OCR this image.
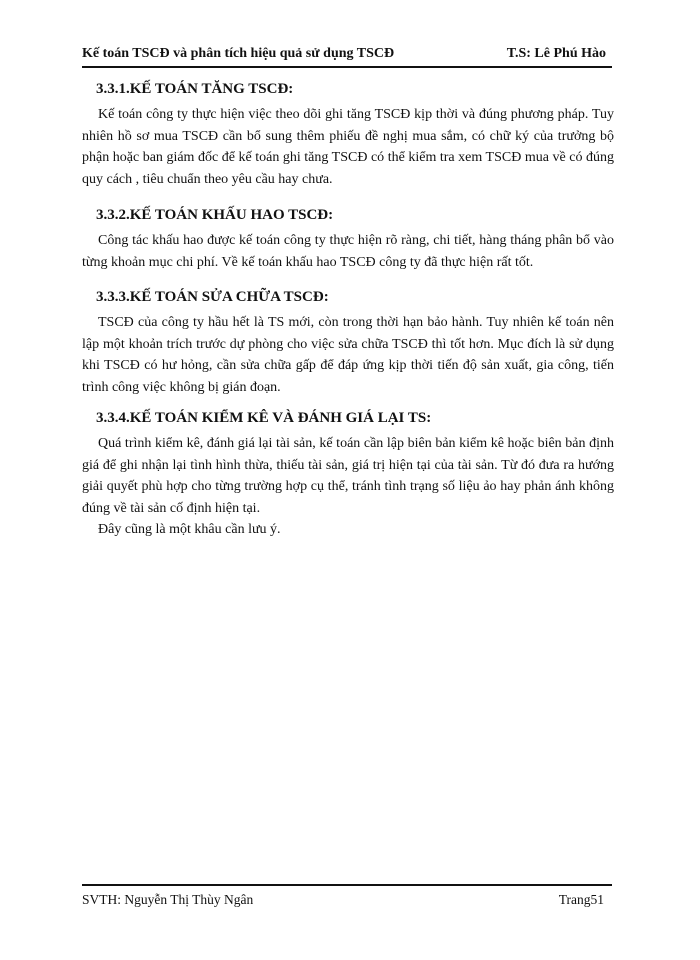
Kế toán TSCĐ và phân tích hiệu quả sử dụng TSCĐ	T.S: Lê Phú Hào
3.3.1.KẾ TOÁN TĂNG TSCĐ:

Kế toán công ty thực hiện việc theo dõi ghi tăng TSCĐ kịp thời và đúng phương pháp. Tuy nhiên hồ sơ mua TSCĐ cần bổ sung thêm phiếu đề nghị mua sắm, có chữ ký của trưởng bộ phận hoặc ban giám đốc để kế toán ghi tăng TSCĐ có thể kiểm tra xem TSCĐ mua về có đúng quy cách , tiêu chuẩn theo yêu cầu hay chưa.

3.3.2.KẾ TOÁN KHẤU HAO TSCĐ:

Công tác khấu hao được kế toán công ty thực hiện rõ ràng, chi tiết, hàng tháng phân bổ vào từng khoản mục chi phí. Về kế toán khấu hao TSCĐ công ty đã thực hiện rất tốt.

3.3.3.KẾ TOÁN SỬA CHỮA TSCĐ:

TSCĐ của công ty hầu hết là TS mới, còn trong thời hạn bảo hành. Tuy nhiên kế toán nên lập một khoản trích trước dự phòng cho việc sửa chữa TSCĐ thì tốt hơn. Mục đích là sử dụng khi TSCĐ có hư hỏng, cần sửa chữa gấp để đáp ứng kịp thời tiến độ sản xuất, gia công, tiến trình công việc không bị gián đoạn.

3.3.4.KẾ TOÁN KIỂM KÊ VÀ ĐÁNH GIÁ LẠI TS:

Quá trình kiểm kê, đánh giá lại tài sản, kế toán cần lập biên bản kiểm kê hoặc biên bản định giá để ghi nhận lại tình hình thừa, thiếu tài sản, giá trị hiện tại của tài sản. Từ đó đưa ra hướng giải quyết phù hợp cho từng trường hợp cụ thể, tránh tình trạng số liệu ảo hay phản ánh không đúng về tài sản cố định hiện tại.

Đây cũng là một khâu cần lưu ý.

SVTH: Nguyễn Thị Thùy Ngân	Trang51
